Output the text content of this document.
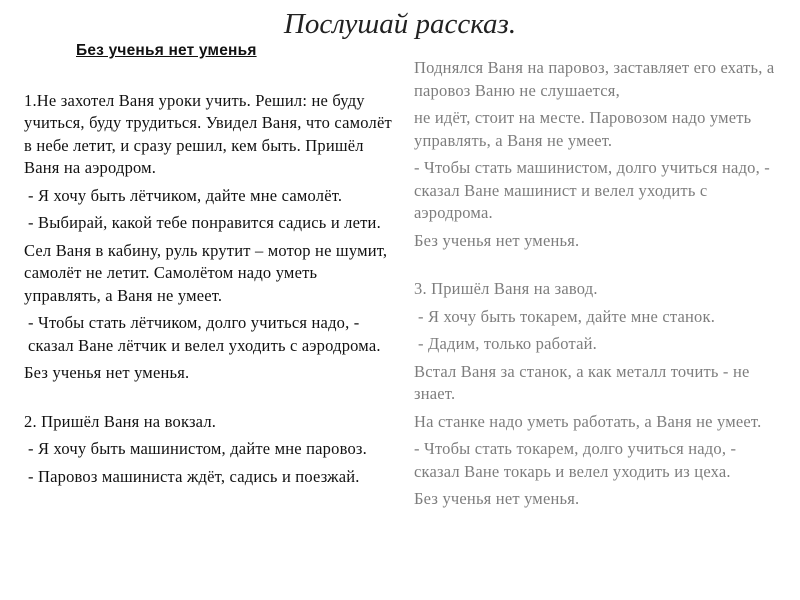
Послушай рассказ.
Без ученья нет уменья

1.Не захотел Ваня уроки учить. Решил: не буду учиться, буду трудиться. Увидел Ваня, что самолёт в небе летит, и сразу решил, кем быть. Пришёл Ваня на аэродром.

- Я хочу быть лётчиком, дайте мне самолёт.

- Выбирай, какой тебе понравится садись и лети.

Сел Ваня в кабину, руль крутит – мотор не шумит, самолёт не летит. Самолётом надо уметь управлять, а Ваня не умеет.

- Чтобы стать лётчиком, долго учиться надо, - сказал Ване лётчик и велел уходить с аэродрома.

Без ученья нет уменья.

2. Пришёл Ваня на вокзал.

- Я хочу быть машинистом, дайте мне паровоз.

- Паровоз машиниста ждёт, садись и поезжай.

Поднялся Ваня на паровоз, заставляет его ехать, а паровоз Ваню не слушается,

не идёт, стоит на месте. Паровозом надо уметь управлять, а Ваня не умеет.

- Чтобы стать машинистом, долго учиться надо, - сказал Ване машинист и велел уходить с аэродрома.

Без ученья нет уменья.

3. Пришёл Ваня на завод.

- Я хочу быть токарем, дайте мне станок.

- Дадим, только работай.

Встал Ваня за станок, а как металл точить - не знает.

На станке надо уметь работать, а Ваня не умеет.

- Чтобы стать токарем, долго учиться надо, - сказал Ване токарь и велел уходить из цеха.

Без ученья нет уменья.
